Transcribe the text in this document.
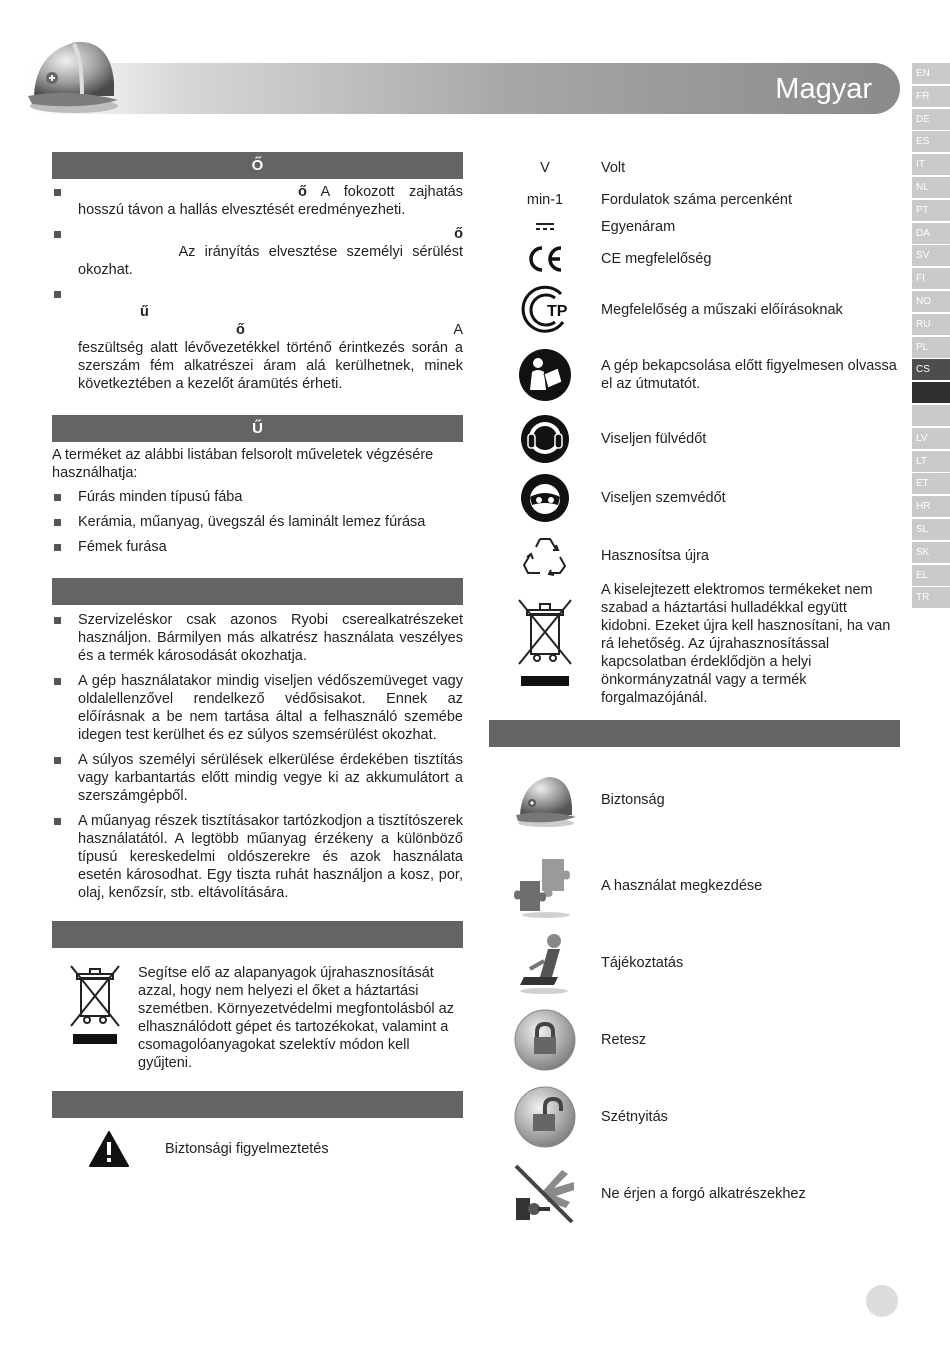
Magyar	EN
FR
DE
ES
IT
NL
PT
DA
SV
FI
NO
RU
PL
CS
LV
LT
ET
HR
SL
SK
EL
TR
Ő
ő A fokozott zajhatás hosszú távon a hallás elvesztését eredményezheti.
ő
Az irányítás elvesztése személyi sérülést okozhat.
ű
ő	A
feszültség alatt lévővezetékkel történő érintkezés során a szerszám fém alkatrészei áram alá kerülhetnek, minek következtében a kezelőt áramütés érheti.
Ű

A terméket az alábbi listában felsorolt műveletek végzésére használhatja:

Fúrás minden típusú fába
Kerámia, műanyag, üvegszál és laminált lemez fúrása
Fémek furása
Szervizeléskor csak azonos Ryobi cserealkatrészeket használjon. Bármilyen más alkatrész használata veszélyes és a termék károsodását okozhatja.
A gép használatakor mindig viseljen védőszemüveget vagy oldalellenzővel rendelkező védősisakot. Ennek az előírásnak a be nem tartása által a felhasználó szemébe idegen test kerülhet és ez súlyos szemsérülést okozhat.
A súlyos személyi sérülések elkerülése érdekében tisztítás vagy karbantartás előtt mindig vegye ki az akkumulátort a szerszámgépből.
A műanyag részek tisztításakor tartózkodjon a tisztítószerek használatától. A legtöbb műanyag érzékeny a különböző típusú kereskedelmi oldószerekre és azok használata esetén károsodhat. Egy tiszta ruhát használjon a kosz, por, olaj, kenőzsír, stb. eltávolítására.

Segítse elő az alapanyagok újrahasznosítását azzal, hogy nem helyezi el őket a háztartási szemétben. Környezetvédelmi megfontolásból az elhasználódott gépet és tartozékokat, valamint a csomagolóanyagokat szelektív módon kell gyűjteni.

Biztonsági figyelmeztetés
V	Volt
min-1	Fordulatok száma percenként
Egyenáram
CE megfelelőség
TP Megfelelőség a műszaki előírásoknak
A gép bekapcsolása előtt figyelmesen olvassa el az útmutatót.
Viseljen fülvédőt
Viseljen szemvédőt
Hasznosítsa újra
A kiselejtezett elektromos termékeket nem szabad a háztartási hulladékkal együtt kidobni. Ezeket újra kell hasznosítani, ha van rá lehetőség. Az újrahasznosítással kapcsolatban érdeklődjön a helyi önkormányzatnál vagy a termék forgalmazójánál.
Biztonság
A használat megkezdése
Tájékoztatás
Retesz
Szétnyitás
Ne érjen a forgó alkatrészekhez
